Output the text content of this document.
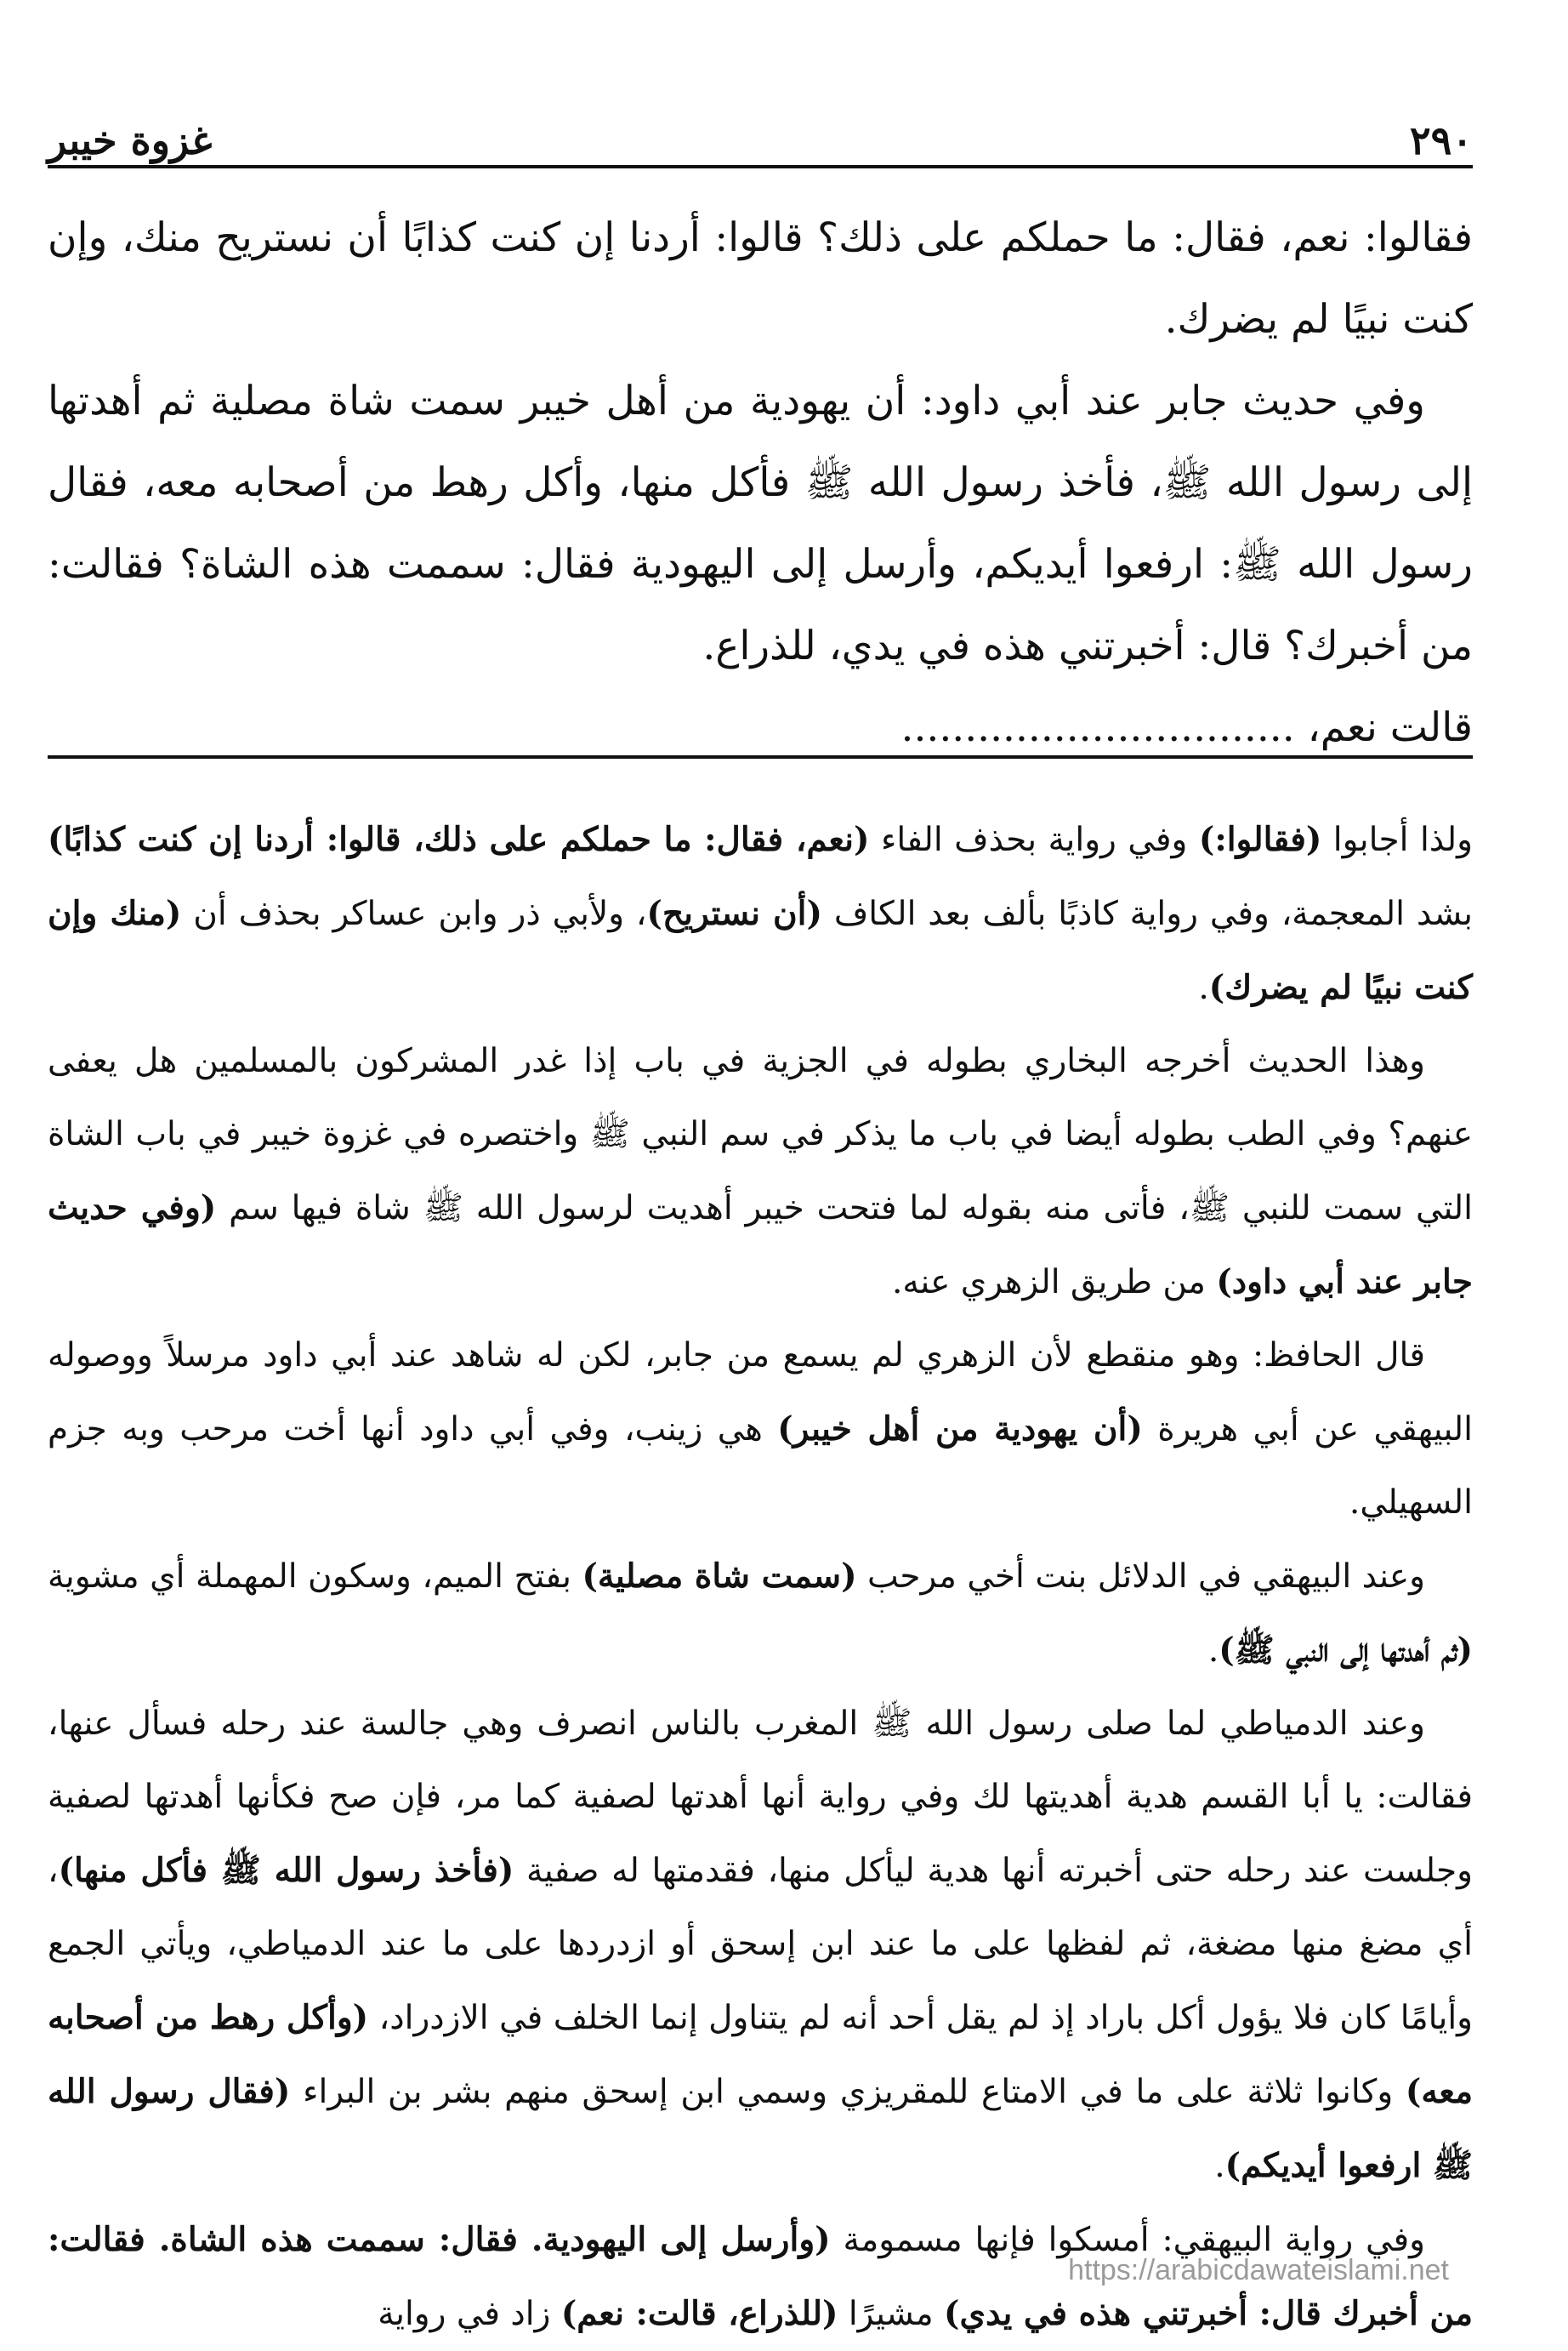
٢٩٠
غزوة خيبر

فقالوا: نعم، فقال: ما حملكم على ذلك؟ قالوا: أردنا إن كنت كذابًا أن نستريح منك، وإن كنت نبيًا لم يضرك.

وفي حديث جابر عند أبي داود: أن يهودية من أهل خيبر سمت شاة مصلية ثم أهدتها إلى رسول الله ﷺ، فأخذ رسول الله ﷺ فأكل منها، وأكل رهط من أصحابه معه، فقال رسول الله ﷺ: ارفعوا أيديكم، وأرسل إلى اليهودية فقال: سممت هذه الشاة؟ فقالت: من أخبرك؟ قال: أخبرتني هذه في يدي، للذراع.

قالت نعم، ...............................

ولذا أجابوا (فقالوا:) وفي رواية بحذف الفاء (نعم، فقال: ما حملكم على ذلك، قالوا: أردنا إن كنت كذابًا) بشد المعجمة، وفي رواية كاذبًا بألف بعد الكاف (أن نستريح)، ولأبي ذر وابن عساكر بحذف أن (منك وإن كنت نبيًا لم يضرك).

وهذا الحديث أخرجه البخاري بطوله في الجزية في باب إذا غدر المشركون بالمسلمين هل يعفى عنهم؟ وفي الطب بطوله أيضا في باب ما يذكر في سم النبي ﷺ واختصره في غزوة خيبر في باب الشاة التي سمت للنبي ﷺ، فأتى منه بقوله لما فتحت خيبر أهديت لرسول الله ﷺ شاة فيها سم (وفي حديث جابر عند أبي داود) من طريق الزهري عنه.

قال الحافظ: وهو منقطع لأن الزهري لم يسمع من جابر، لكن له شاهد عند أبي داود مرسلاً ووصوله البيهقي عن أبي هريرة (أن يهودية من أهل خيبر) هي زينب، وفي أبي داود أنها أخت مرحب وبه جزم السهيلي.

وعند البيهقي في الدلائل بنت أخي مرحب (سمت شاة مصلية) بفتح الميم، وسكون المهملة أي مشوية (ثم أهدتها إلى النبي ﷺ).

وعند الدمياطي لما صلى رسول الله ﷺ المغرب بالناس انصرف وهي جالسة عند رحله فسأل عنها، فقالت: يا أبا القسم هدية أهديتها لك وفي رواية أنها أهدتها لصفية كما مر، فإن صح فكأنها أهدتها لصفية وجلست عند رحله حتى أخبرته أنها هدية ليأكل منها، فقدمتها له صفية (فأخذ رسول الله ﷺ فأكل منها)، أي مضغ منها مضغة، ثم لفظها على ما عند ابن إسحق أو ازدردها على ما عند الدمياطي، ويأتي الجمع وأيامًا كان فلا يؤول أكل باراد إذ لم يقل أحد أنه لم يتناول إنما الخلف في الازدراد، (وأكل رهط من أصحابه معه) وكانوا ثلاثة على ما في الامتاع للمقريزي وسمي ابن إسحق منهم بشر بن البراء (فقال رسول الله ﷺ ارفعوا أيديكم).

وفي رواية البيهقي: أمسكوا فإنها مسمومة (وأرسل إلى اليهودية. فقال: سممت هذه الشاة. فقالت: من أخبرك قال: أخبرتني هذه في يدي) مشيرًا (للذراع، قالت: نعم) زاد في رواية

https://arabicdawateislami.net
